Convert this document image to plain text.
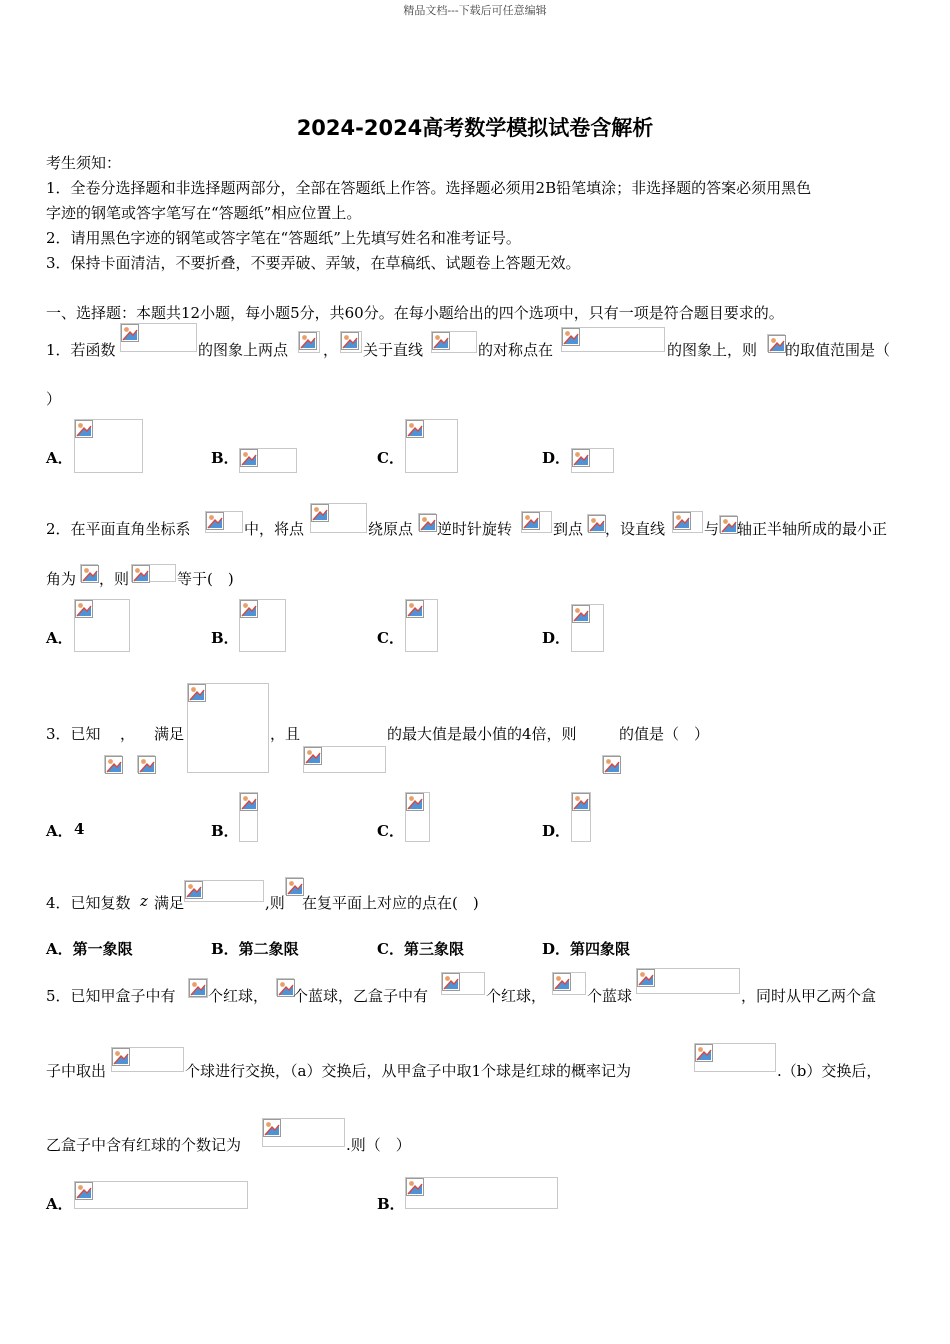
精品文档---下载后可任意编辑
2024-2024高考数学模拟试卷含解析
考生须知：
1．全卷分选择题和非选择题两部分，全部在答题纸上作答。选择题必须用2B铅笔填涂；非选择题的答案必须用黑色
字迹的钢笔或答字笔写在“答题纸”相应位置上。
2．请用黑色字迹的钢笔或答字笔在“答题纸”上先填写姓名和准考证号。
3．保持卡面清洁，不要折叠，不要弄破、弄皱，在草稿纸、试题卷上答题无效。
一、选择题：本题共12小题，每小题5分，共60分。在每小题给出的四个选项中，只有一项是符合题目要求的。
1．若函数	的图象上两点 ， 关于直线	的对称点在	的图象上，则 的取值范围是（
）
A．	B．	C．	D．
2．在平面直角坐标系	中，将点	绕原点 逆时针旋转	到点 ，设直线	与 轴正半轴所成的最小正
角为 ，则	等于(　)
A．	B．	C．	D．
3．已知 ， 满足	，且	的最大值是最小值的4倍，则	的值是（　）
A． 4	B．	C．	D．
4．已知复数 z 满足	,则 在复平面上对应的点在(　)
A．第一象限	B．第二象限	C．第三象限	D．第四象限
5．已知甲盒子中有 个红球， 个蓝球，乙盒子中有	个红球，	个蓝球	，同时从甲乙两个盒
子中取出	个球进行交换，（a）交换后，从甲盒子中取1个球是红球的概率记为	.（b）交换后，
乙盒子中含有红球的个数记为	.则（　）
A．	B．
